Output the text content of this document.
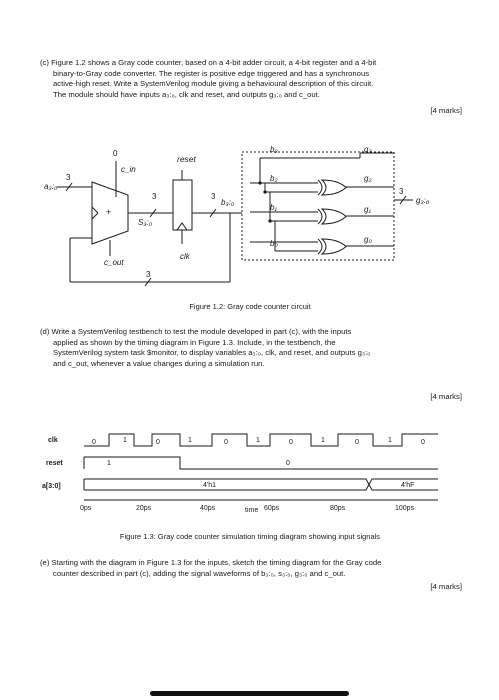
(c) Figure 1.2 shows a Gray code counter, based on a 4-bit adder circuit, a 4-bit register and a 4-bit
binary-to-Gray code converter. The register is positive edge triggered and has a synchronous
active-high reset. Write a SystemVerilog module giving a behavioural description of this circuit.
The module should have inputs a₃:₀, clk and reset, and outputs g₃:₀ and c_out.
[4 marks]
a₃:₀
3
0
c_in
+
S₃:₀
3
reset
clk
3
b₃:₀
c_out
3
b₃
b₂
b₁
b₀
g₃
g₂
g₁
g₀
3
g₃:₀
Figure 1.2: Gray code counter circuit
(d) Write a SystemVerilog testbench to test the module developed in part (c), with the inputs
applied as shown by the timing diagram in Figure 1.3. Include, in the testbench, the
SystemVerilog system task $monitor, to display variables a₃:₀, clk, and reset, and outputs g₃:₀
and c_out, whenever a value changes during a simulation run.
[4 marks]
clk
reset
a[3:0]
0	1	0	1	0	1	0	1	0	1	0
1	0
4'h1	4'hF
0ps	20ps	40ps	time 60ps	80ps	100ps
Figure 1.3: Gray code counter simulation timing diagram showing input signals
(e) Starting with the diagram in Figure 1.3 for the inputs, sketch the timing diagram for the Gray code
counter described in part (c), adding the signal waveforms of b₃:₀, s₃:₀, g₃:₀ and c_out.
[4 marks]
